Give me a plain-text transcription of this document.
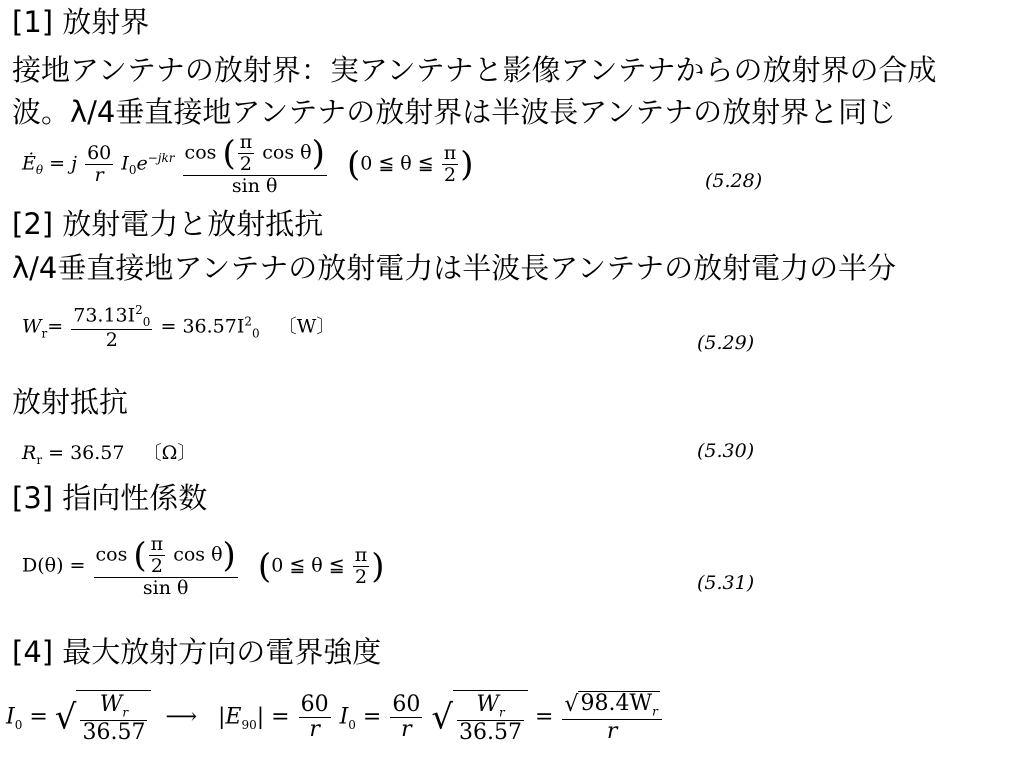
[1] 放射界
接地アンテナの放射界：実アンテナと影像アンテナからの放射界の合成
波。λ/4垂直接地アンテナの放射界は半波長アンテナの放射界と同じ
$Ė_\theta = j \frac{60}{r} I_0e^{-jkr} \frac{\cos ( \frac{\pi}{2} \cos \theta)}{\text{sin θ}} (0$ ≦ θ ≦ $\frac{\pi}{2}$ )	(5.28)
[2] 放射電力と放射抵抗
λ/4垂直接地アンテナの放射電力は半波長アンテナの放射電力の半分
$W_r= \frac{73.13I^2_0}{2} = 36.57I^2_0$ 〔W〕
(5.29)
放射抵抗
$R_r = 36.57$ 〔Ω〕	(5.30)
[3] 指向性係数
$D(\theta) = \frac{\cos ( \frac{\pi}{2} \cos \theta)}{\text{sin θ}} (0$ ≦ θ ≦ $\frac{\pi}{2}$ )	(5.31)
[4] 最大放射方向の電界強度
$I_0$ = √ $\frac{W_r}{36.57}$ ⟶   $|E_{90}| = \frac{60}{r} I_0 = \frac{60}{r}$ √ $\frac{W_r}{36.57} = \frac{√98.4W_r}{r}$
